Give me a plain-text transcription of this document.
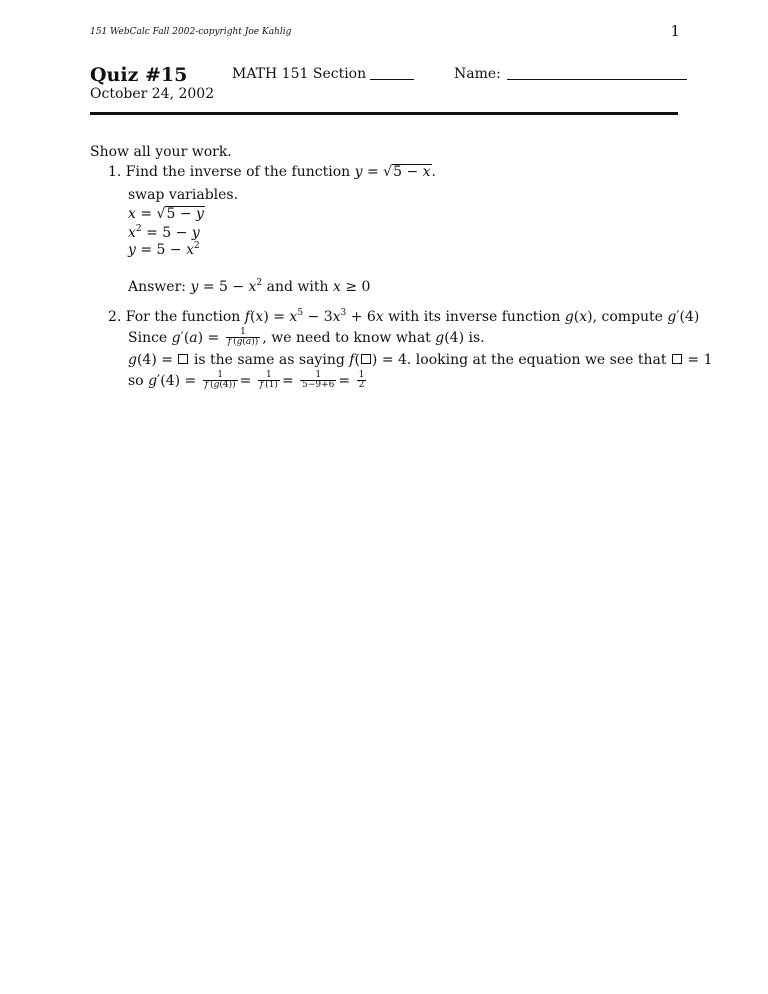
151 WebCalc Fall 2002-copyright Joe Kahlig	1
Quiz #15
October 24, 2002
MATH 151 Section	Name:
Show all your work.
1. Find the inverse of the function y = √5 − x.
swap variables.
x = √5 − y
$x^2 = 5 - y$
$y = 5 - x^2$
Answer: $y = 5 - x^2$ and with x ≥ 0
2. For the function $f(x) = x^5 - 3x^3 + 6x$ with its inverse function g(x), compute g′(4)
Since $g'(a) = \frac{1}{f'(g(a))}$ , we need to know what g(4) is.
g(4) =  is the same as saying f( ) = 4. looking at the equation we see that  = 1
so $g'(4) = \frac{1}{f'(g(4))} = \frac{1}{f'(1)} = \frac{1}{5-9+6} = \frac{1}{2}$
